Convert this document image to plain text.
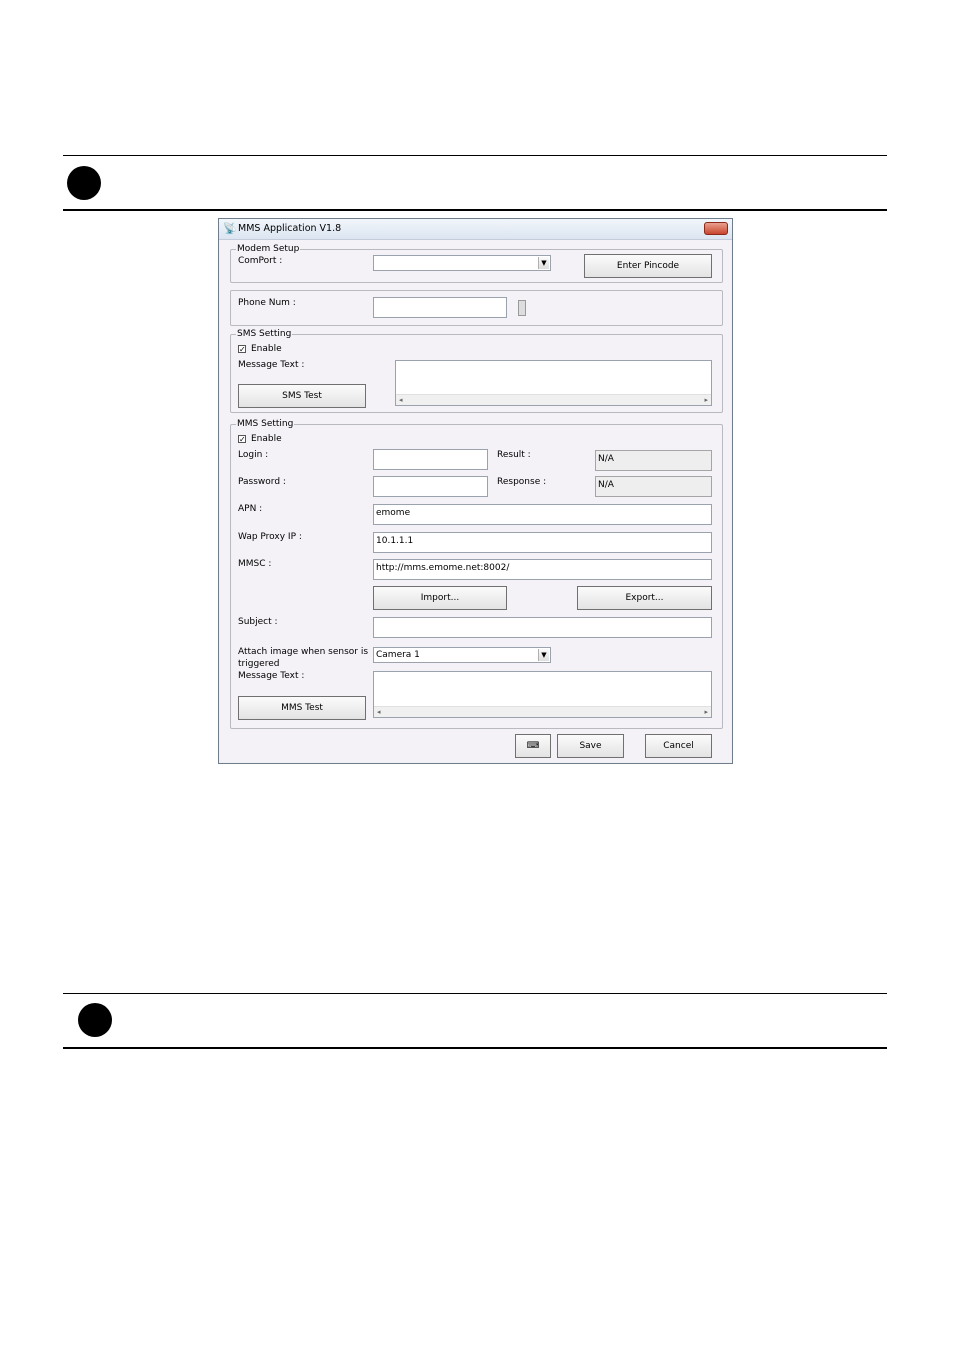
📡 MMS Application V1.8
Modem Setup
ComPort :	▼	Enter Pincode
Phone Num :
SMS Setting
✓ Enable
Message Text :
◂	▸
SMS Test
MMS Setting
✓ Enable
Login :	Result :	N/A
Password :	Response :	N/A
APN :	emome
Wap Proxy IP :	10.1.1.1
MMSC :	http://mms.emome.net:8002/
Import...	Export...
Subject :
Attach image when sensor is
triggered
Camera 1	▼
Message Text :
◂	▸
MMS Test
⌨	Save	Cancel
